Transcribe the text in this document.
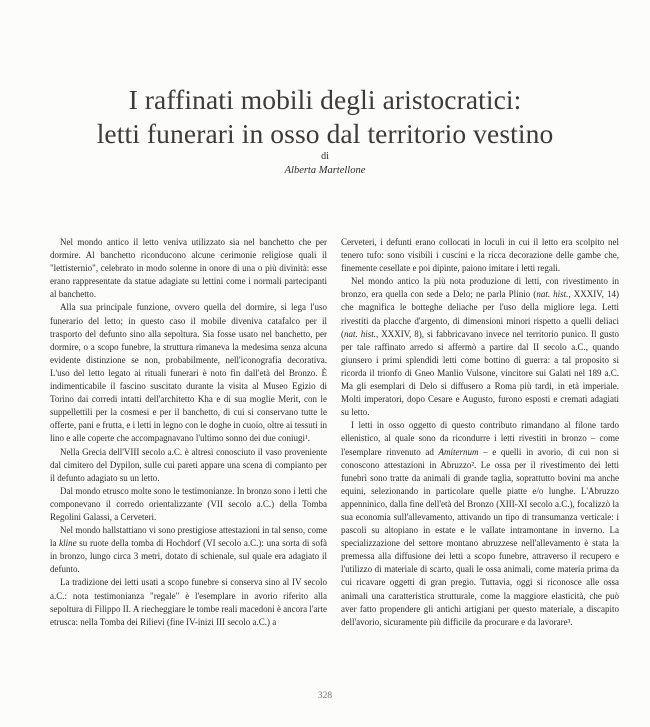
I raffinati mobili degli aristocratici:
letti funerari in osso dal territorio vestino
di
Alberta Martellone

Nel mondo antico il letto veniva utilizzato sia nel banchetto che per dormire. Al banchetto riconducono alcune cerimonie religiose quali il "lettisternio", celebrato in modo solenne in onore di una o più divinità: esse erano rappresentate da statue adagiate su lettini come i normali partecipanti al banchetto.

Alla sua principale funzione, ovvero quella del dormire, si lega l'uso funerario del letto; in questo caso il mobile diveniva catafalco per il trasporto del defunto sino alla sepoltura. Sia fosse usato nel banchetto, per dormire, o a scopo funebre, la struttura rimaneva la medesima senza alcuna evidente distinzione se non, probabilmente, nell'iconografia decorativa. L'uso del letto legato ai rituali funerari è noto fin dall'età del Bronzo. È indimenticabile il fascino suscitato durante la visita al Museo Egizio di Torino dai corredi intatti dell'architetto Kha e di sua moglie Merit, con le suppellettili per la cosmesi e per il banchetto, di cui si conservano tutte le offerte, pani e frutta, e i letti in legno con le doghe in cuoio, oltre ai tessuti in lino e alle coperte che accompagnavano l'ultimo sonno dei due coniugi¹.

Nella Grecia dell'VIII secolo a.C. è altresì conosciuto il vaso proveniente dal cimitero del Dypilon, sulle cui pareti appare una scena di compianto per il defunto adagiato su un letto.

Dal mondo etrusco molte sono le testimonianze. In bronzo sono i letti che componevano il corredo orientalizzante (VII secolo a.C.) della Tomba Regolini Galassi, a Cerveteri.

Nel mondo hallstattiano vi sono prestigiose attestazioni in tal senso, come la kline su ruote della tomba di Hochdorf (VI secolo a.C.): una sorta di sofà in bronzo, lungo circa 3 metri, dotato di schienale, sul quale era adagiato il defunto.

La tradizione dei letti usati a scopo funebre si conserva sino al IV secolo a.C.: nota testimonianza "regale" è l'esemplare in avorio riferito alla sepoltura di Filippo II. A riecheggiare le tombe reali macedoni è ancora l'arte etrusca: nella Tomba dei Rilievi (fine IV-inizi III secolo a.C.) a

Cerveteri, i defunti erano collocati in loculi in cui il letto era scolpito nel tenero tufo: sono visibili i cuscini e la ricca decorazione delle gambe che, finemente cesellate e poi dipinte, paiono imitare i letti regali.

Nel mondo antico la più nota produzione di letti, con rivestimento in bronzo, era quella con sede a Delo; ne parla Plinio (nat. hist., XXXIV, 14) che magnifica le botteghe deliache per l'uso della migliore lega. Letti rivestiti da placche d'argento, di dimensioni minori rispetto a quelli deliaci (nat. hist., XXXIV, 8), si fabbricavano invece nel territorio punico. Il gusto per tale raffinato arredo si affermò a partire dal II secolo a.C., quando giunsero i primi splendidi letti come bottino di guerra: a tal proposito si ricorda il trionfo di Gneo Manlio Vulsone, vincitore sui Galati nel 189 a.C. Ma gli esemplari di Delo si diffusero a Roma più tardi, in età imperiale. Molti imperatori, dopo Cesare e Augusto, furono esposti e cremati adagiati su letto.

I letti in osso oggetto di questo contributo rimandano al filone tardo ellenistico, al quale sono da ricondurre i letti rivestiti in bronzo – come l'esemplare rinvenuto ad Amiternum – e quelli in avorio, di cui non si conoscono attestazioni in Abruzzo². Le ossa per il rivestimento dei letti funebri sono tratte da animali di grande taglia, soprattutto bovini ma anche equini, selezionando in particolare quelle piatte e/o lunghe. L'Abruzzo appenninico, dalla fine dell'età del Bronzo (XIII-XI secolo a.C.), focalizzò la sua economia sull'allevamento, attivando un tipo di transumanza verticale: i pascoli su altopiano in estate e le vallate intramontane in inverno. La specializzazione del settore montano abruzzese nell'allevamento è stata la premessa alla diffusione dei letti a scopo funebre, attraverso il recupero e l'utilizzo di materiale di scarto, quali le ossa animali, come materia prima da cui ricavare oggetti di gran pregio. Tuttavia, oggi si riconosce alle ossa animali una caratteristica strutturale, come la maggiore elasticità, che può aver fatto propendere gli antichi artigiani per questo materiale, a discapito dell'avorio, sicuramente più difficile da procurare e da lavorare³.

328
